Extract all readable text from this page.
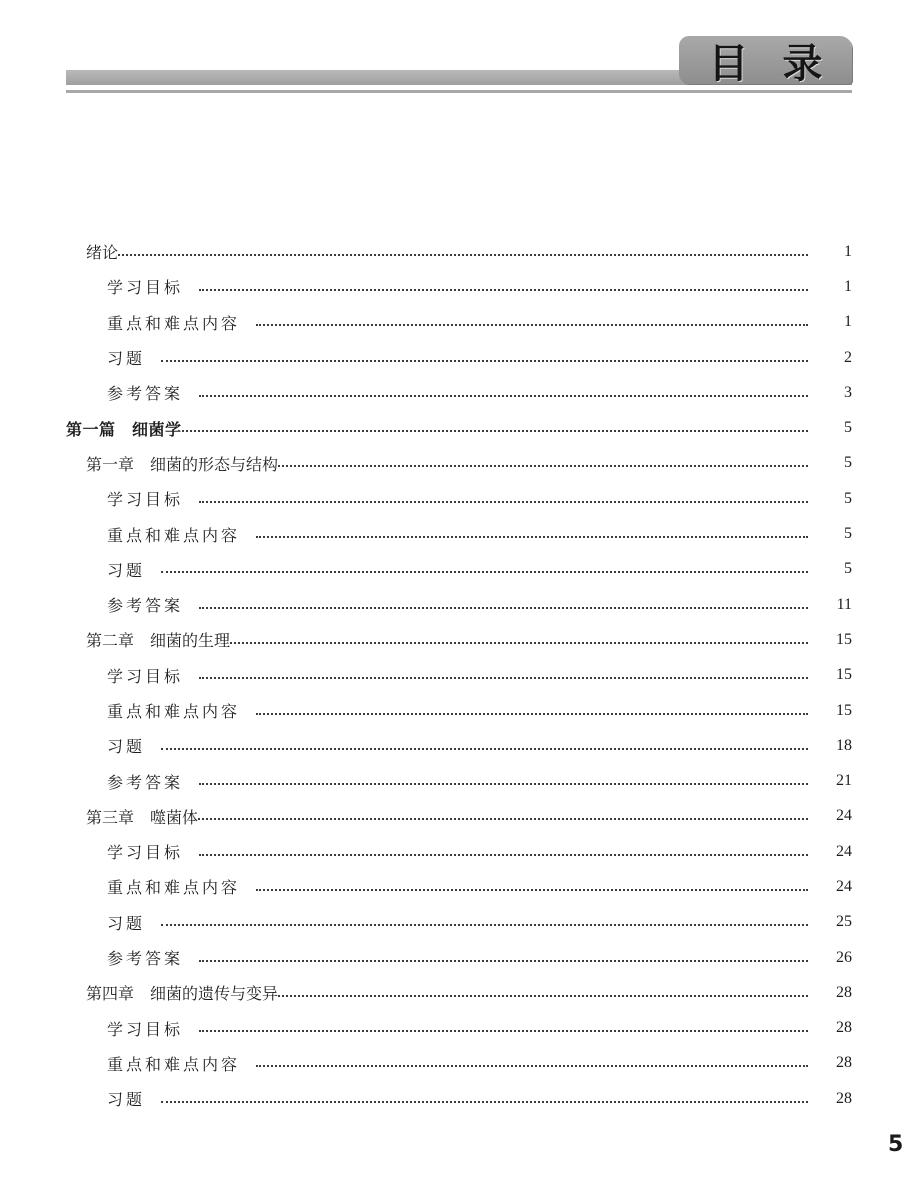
目录
绪论	1
学习目标	1
重点和难点内容	1
习题	2
参考答案	3
第一篇　细菌学	5
第一章　细菌的形态与结构	5
学习目标	5
重点和难点内容	5
习题	5
参考答案	11
第二章　细菌的生理	15
学习目标	15
重点和难点内容	15
习题	18
参考答案	21
第三章　噬菌体	24
学习目标	24
重点和难点内容	24
习题	25
参考答案	26
第四章　细菌的遗传与变异	28
学习目标	28
重点和难点内容	28
习题	28
5
